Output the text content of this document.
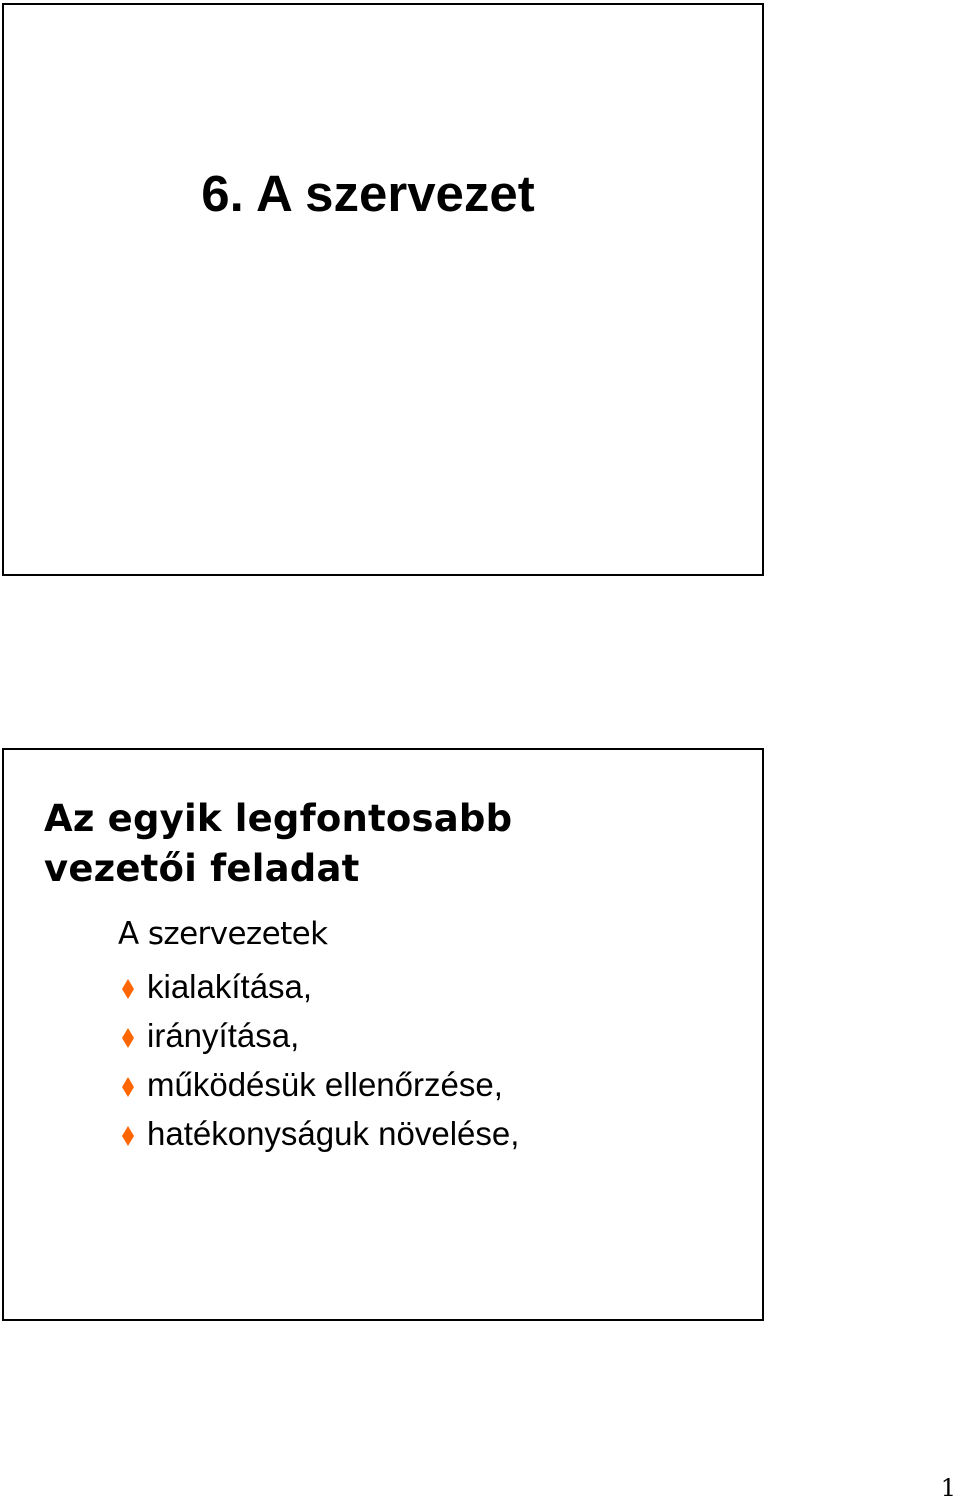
6. A szervezet
Az egyik legfontosabb
vezetői feladat
A szervezetek
kialakítása,
irányítása,
működésük ellenőrzése,
hatékonyságuk növelése,
1
